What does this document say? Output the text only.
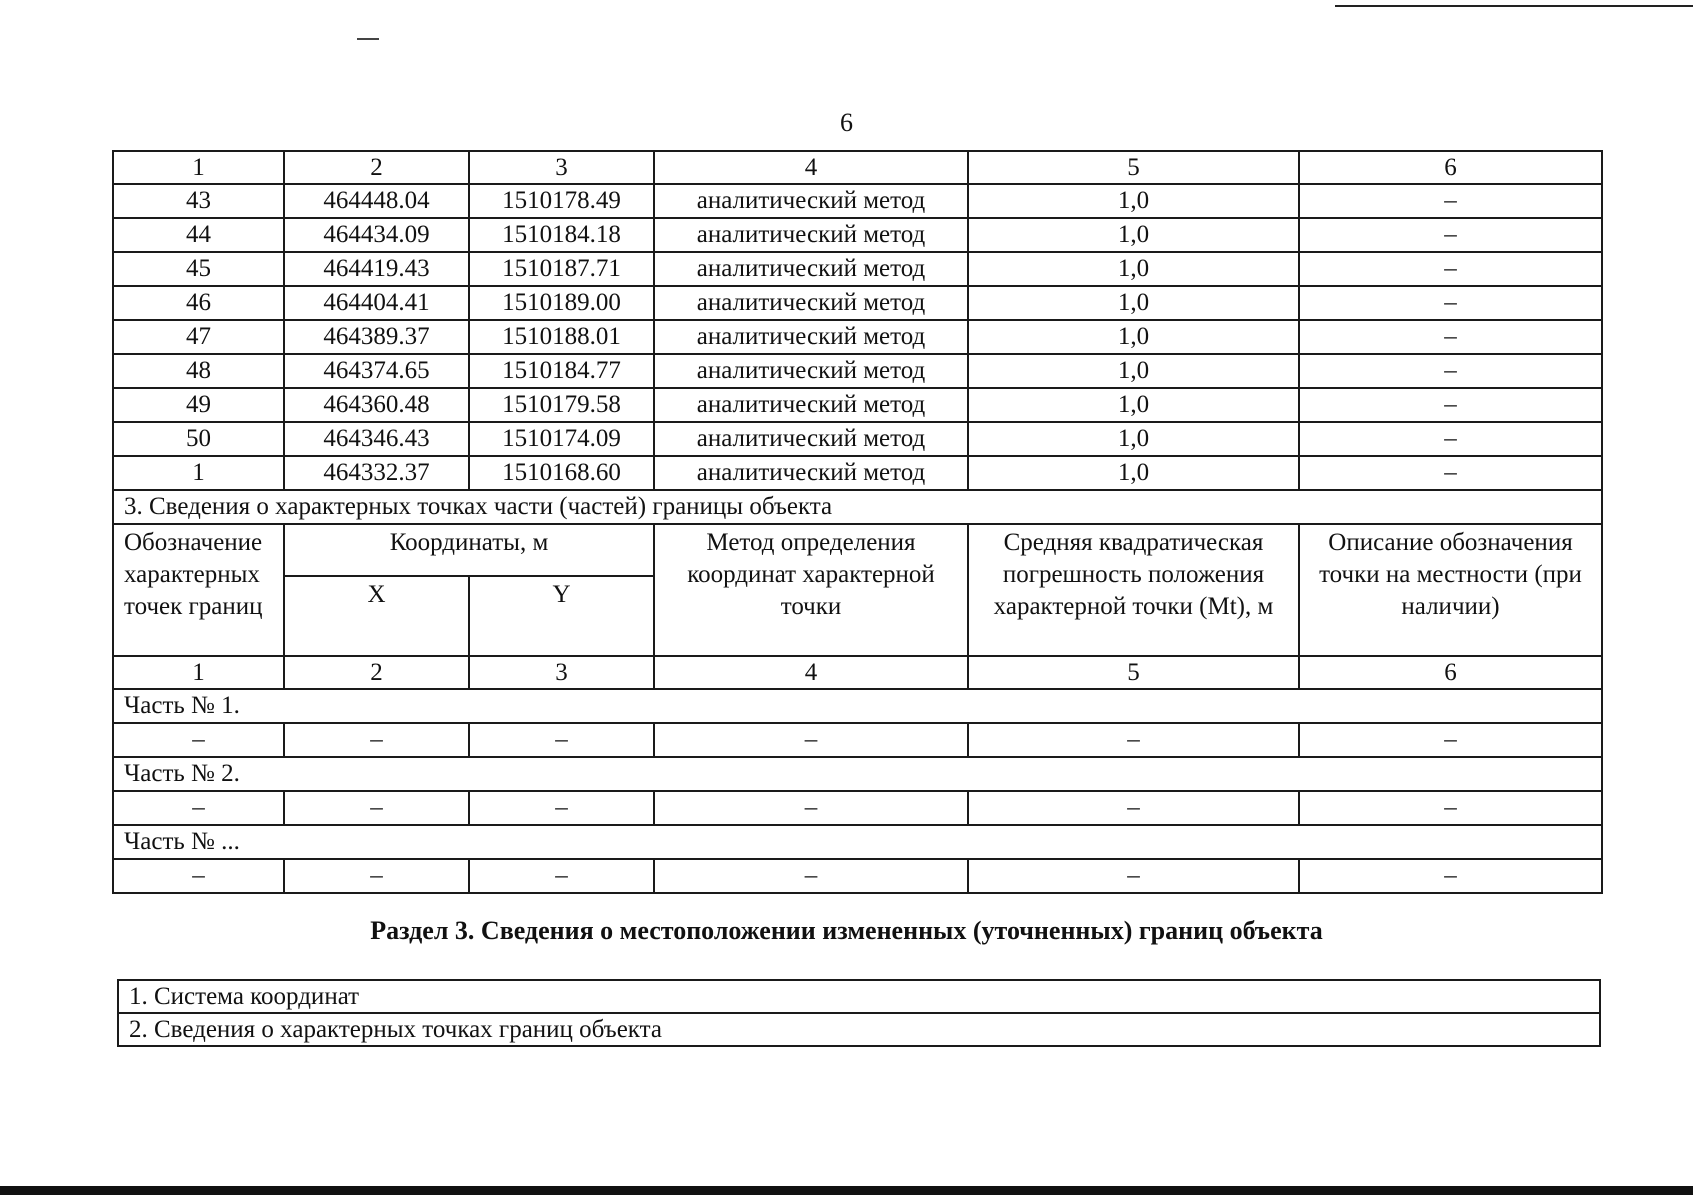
6
1	2	3	4	5	6
43	464448.04	1510178.49	аналитический метод	1,0	–
44	464434.09	1510184.18	аналитический метод	1,0	–
45	464419.43	1510187.71	аналитический метод	1,0	–
46	464404.41	1510189.00	аналитический метод	1,0	–
47	464389.37	1510188.01	аналитический метод	1,0	–
48	464374.65	1510184.77	аналитический метод	1,0	–
49	464360.48	1510179.58	аналитический метод	1,0	–
50	464346.43	1510174.09	аналитический метод	1,0	–
1	464332.37	1510168.60	аналитический метод	1,0	–
3. Сведения о характерных точках части (частей) границы объекта					
Обозначение характерных точек границ	Координаты, м		Метод определения координат характерной точки	Средняя квадратическая погрешность положения характерной точки (Mt), м	Описание обозначения точки на местности (при наличии)
	X	Y			
1	2	3	4	5	6
Часть № 1.					
–	–	–	–	–	–
Часть № 2.					
–	–	–	–	–	–
Часть № ...					
–	–	–	–	–	–
Раздел 3. Сведения о местоположении измененных (уточненных) границ объекта
1. Система координат
2. Сведения о характерных точках границ объекта
